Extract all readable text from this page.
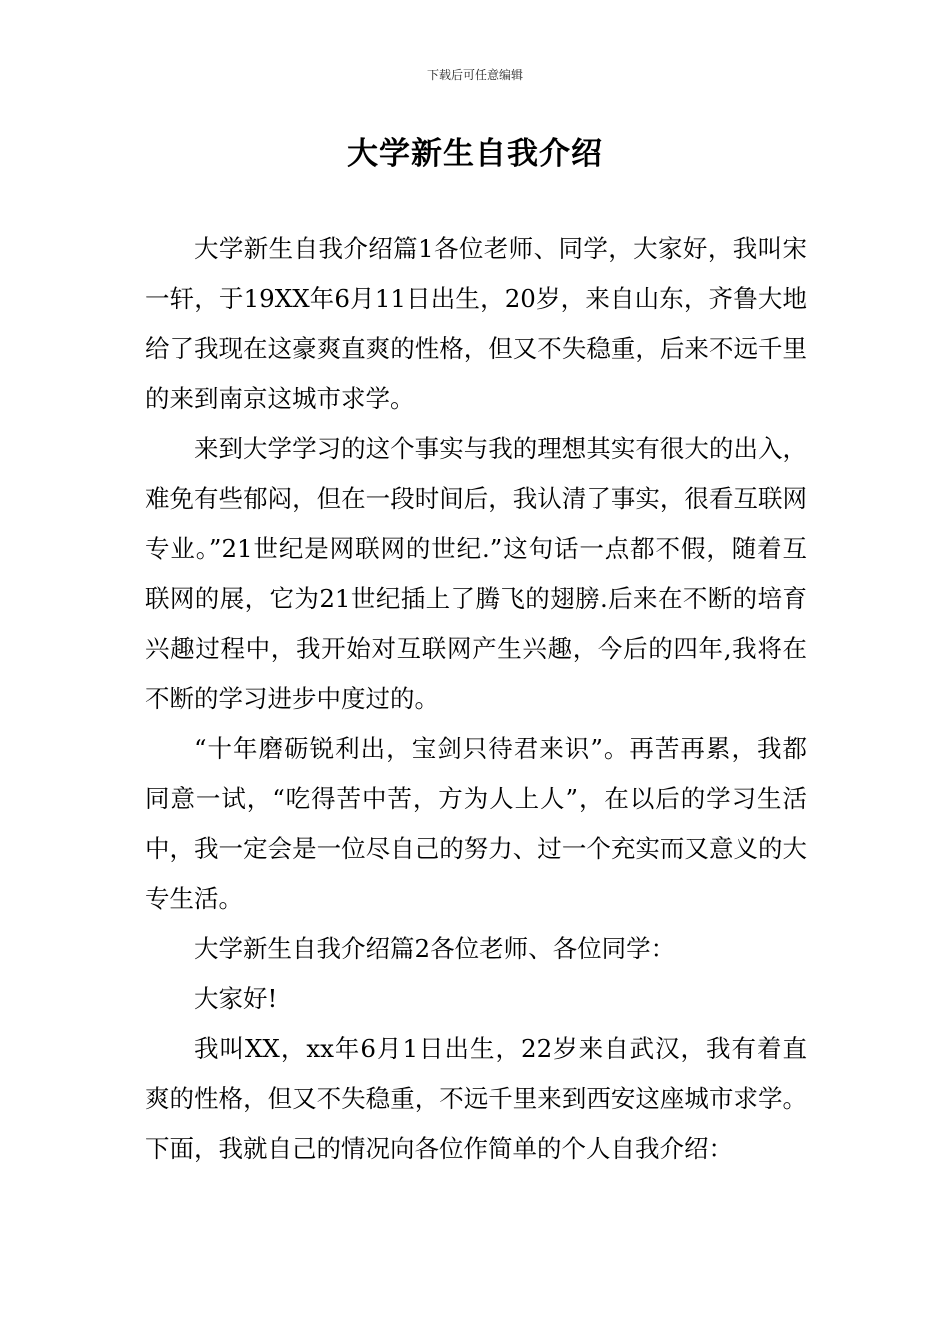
下载后可任意编辑
大学新生自我介绍

大学新生自我介绍篇1各位老师、同学，大家好，我叫宋一轩，于19XX年6月11日出生，20岁，来自山东，齐鲁大地给了我现在这豪爽直爽的性格，但又不失稳重，后来不远千里的来到南京这城市求学。

来到大学学习的这个事实与我的理想其实有很大的出入，难免有些郁闷，但在一段时间后，我认清了事实，很看互联网专业。”21世纪是网联网的世纪.”这句话一点都不假，随着互联网的展，它为21世纪插上了腾飞的翅膀.后来在不断的培育兴趣过程中，我开始对互联网产生兴趣，今后的四年,我将在不断的学习进步中度过的。

“十年磨砺锐利出，宝剑只待君来识”。再苦再累，我都同意一试，“吃得苦中苦，方为人上人”，在以后的学习生活中，我一定会是一位尽自己的努力、过一个充实而又意义的大专生活。

大学新生自我介绍篇2各位老师、各位同学：

大家好!

我叫XX，xx年6月1日出生，22岁来自武汉，我有着直爽的性格，但又不失稳重，不远千里来到西安这座城市求学。下面，我就自己的情况向各位作简单的个人自我介绍：
